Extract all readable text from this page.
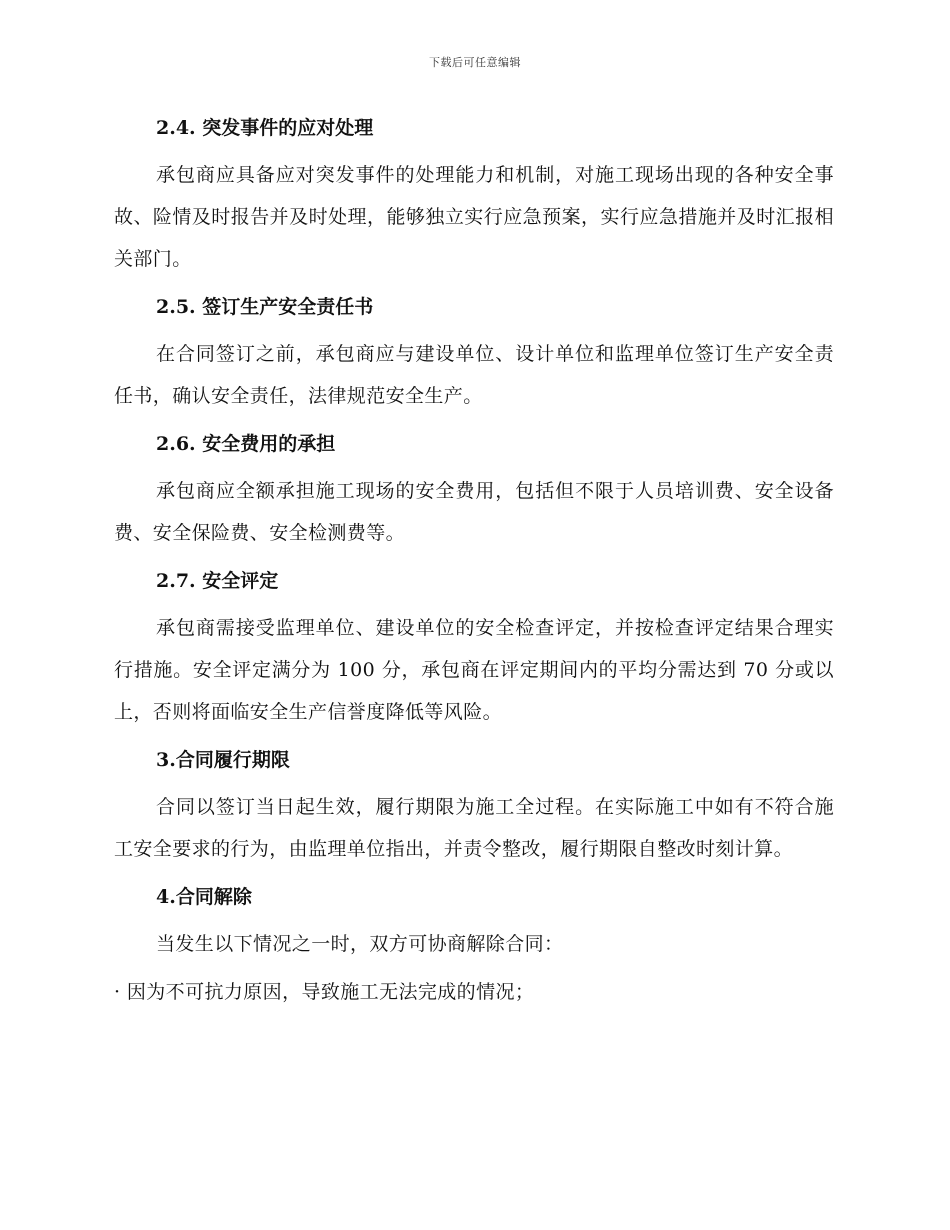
下载后可任意编辑
2.4. 突发事件的应对处理

承包商应具备应对突发事件的处理能力和机制，对施工现场出现的各种安全事故、险情及时报告并及时处理，能够独立实行应急预案，实行应急措施并及时汇报相关部门。

2.5. 签订生产安全责任书

在合同签订之前，承包商应与建设单位、设计单位和监理单位签订生产安全责任书，确认安全责任，法律规范安全生产。

2.6. 安全费用的承担

承包商应全额承担施工现场的安全费用，包括但不限于人员培训费、安全设备费、安全保险费、安全检测费等。

2.7. 安全评定

承包商需接受监理单位、建设单位的安全检查评定，并按检查评定结果合理实行措施。安全评定满分为 100 分，承包商在评定期间内的平均分需达到 70 分或以上，否则将面临安全生产信誉度降低等风险。

3.合同履行期限

合同以签订当日起生效，履行期限为施工全过程。在实际施工中如有不符合施工安全要求的行为，由监理单位指出，并责令整改，履行期限自整改时刻计算。

4.合同解除

当发生以下情况之一时，双方可协商解除合同：

· 因为不可抗力原因，导致施工无法完成的情况；
